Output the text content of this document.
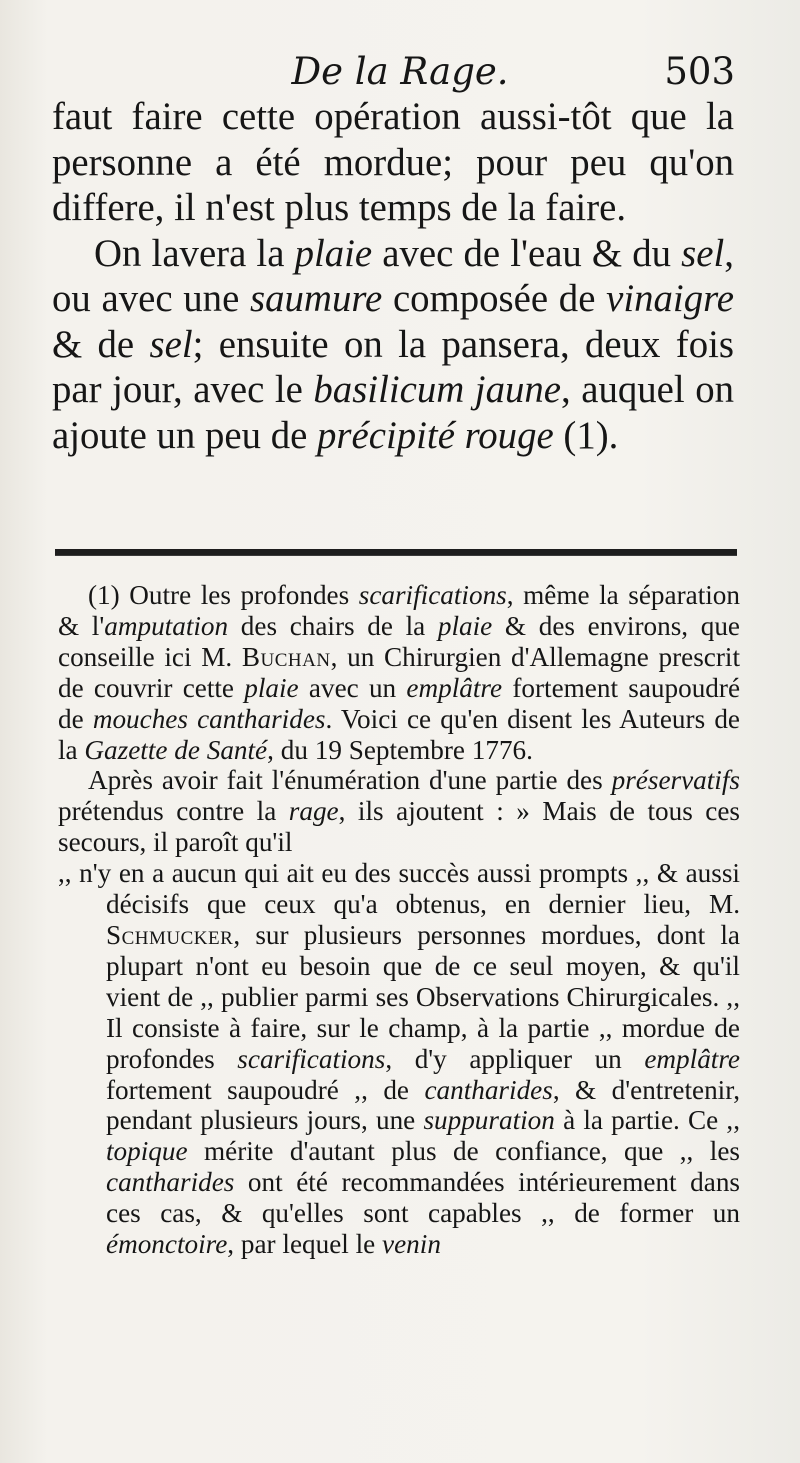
De la Rage.	503

faut faire cette opération aussi-tôt que la personne a été mordue; pour peu qu'on differe, il n'est plus temps de la faire.

On lavera la plaie avec de l'eau & du sel, ou avec une saumure composée de vinaigre & de sel; ensuite on la pansera, deux fois par jour, avec le basilicum jaune, auquel on ajoute un peu de précipité rouge (1).

(1) Outre les profondes scarifications, même la séparation & l'amputation des chairs de la plaie & des environs, que conseille ici M. Buchan, un Chirurgien d'Allemagne prescrit de couvrir cette plaie avec un emplâtre fortement saupoudré de mouches cantharides. Voici ce qu'en disent les Auteurs de la Gazette de Santé, du 19 Septembre 1776.

Après avoir fait l'énumération d'une partie des préservatifs prétendus contre la rage, ils ajoutent : » Mais de tous ces secours, il paroît qu'il

,, n'y en a aucun qui ait eu des succès aussi prompts ,, & aussi décisifs que ceux qu'a obtenus, en dernier lieu, M. Schmucker, sur plusieurs personnes mordues, dont la plupart n'ont eu besoin que de ce seul moyen, & qu'il vient de ,, publier parmi ses Observations Chirurgicales. ,, Il consiste à faire, sur le champ, à la partie ,, mordue de profondes scarifications, d'y appliquer un emplâtre fortement saupoudré ,, de cantharides, & d'entretenir, pendant plusieurs jours, une suppuration à la partie. Ce ,, topique mérite d'autant plus de confiance, que ,, les cantharides ont été recommandées intérieurement dans ces cas, & qu'elles sont capables ,, de former un émonctoire, par lequel le venin
